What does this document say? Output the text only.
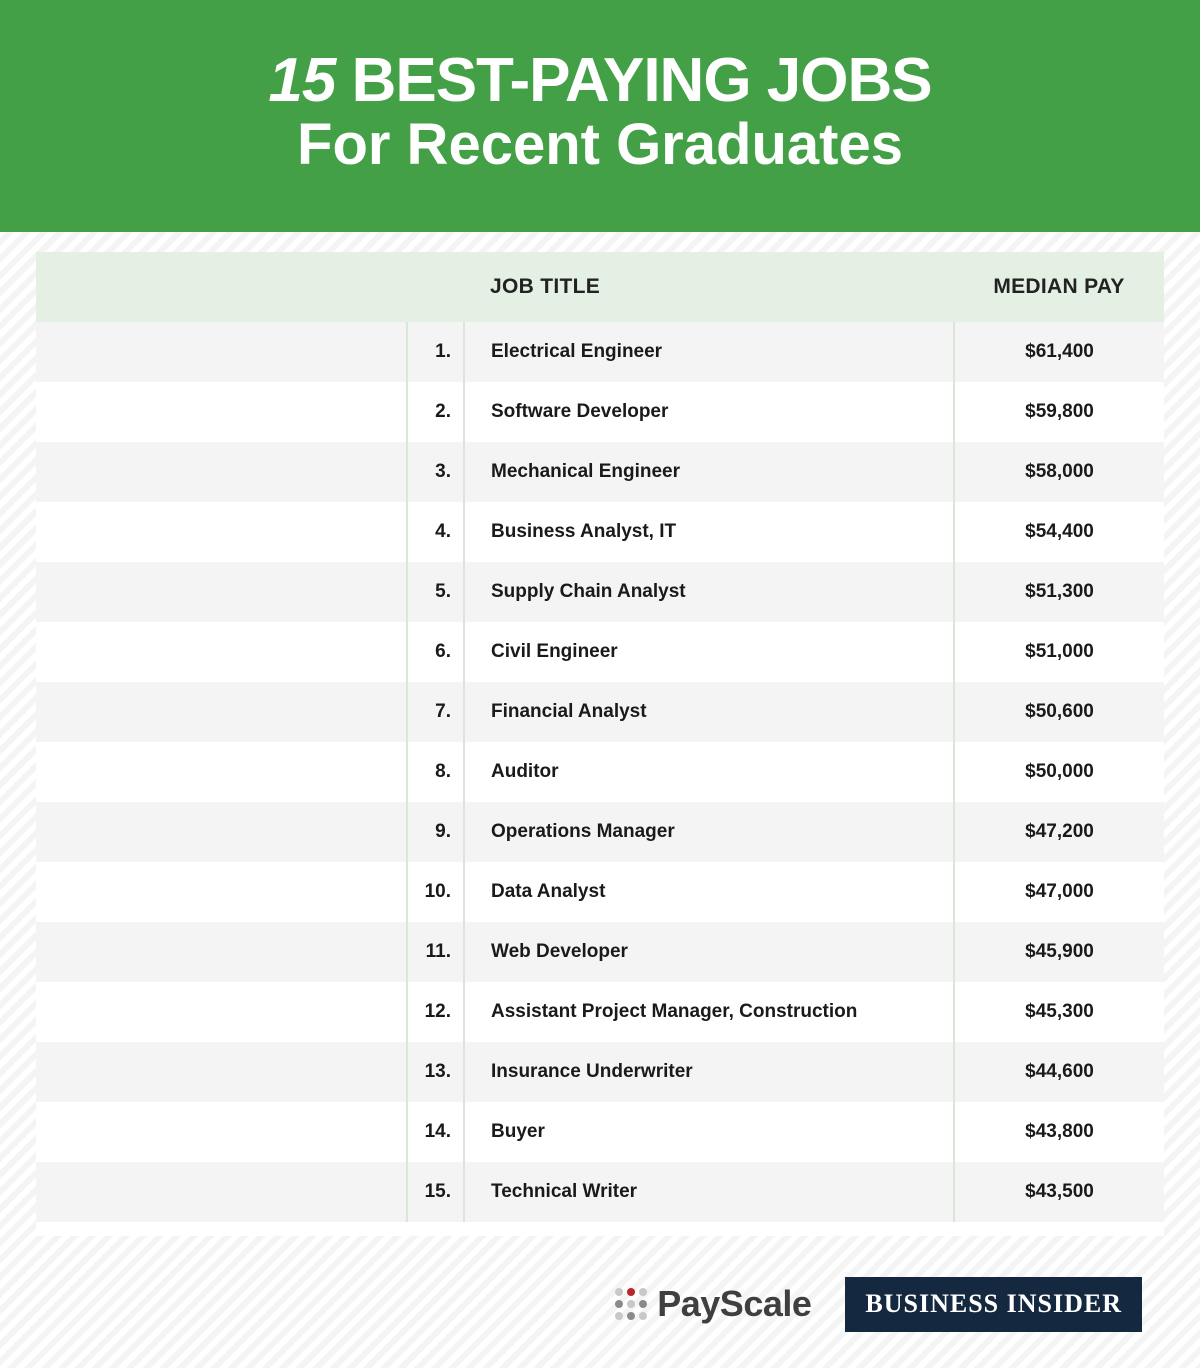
15 BEST-PAYING JOBS
For Recent Graduates
		JOB TITLE	MEDIAN PAY

	1.	Electrical Engineer	$61,400

	2.	Software Developer	$59,800

	3.	Mechanical Engineer	$58,000

	4.	Business Analyst, IT	$54,400

	5.	Supply Chain Analyst	$51,300

	6.	Civil Engineer	$51,000

	7.	Financial Analyst	$50,600

	8.	Auditor	$50,000

	9.	Operations Manager	$47,200

	10.	Data Analyst	$47,000

	11.	Web Developer	$45,900

	12.	Assistant Project Manager, Construction	$45,300

	13.	Insurance Underwriter	$44,600

	14.	Buyer	$43,800

	15.	Technical Writer	$43,500
PayScale	BUSINESS INSIDER
